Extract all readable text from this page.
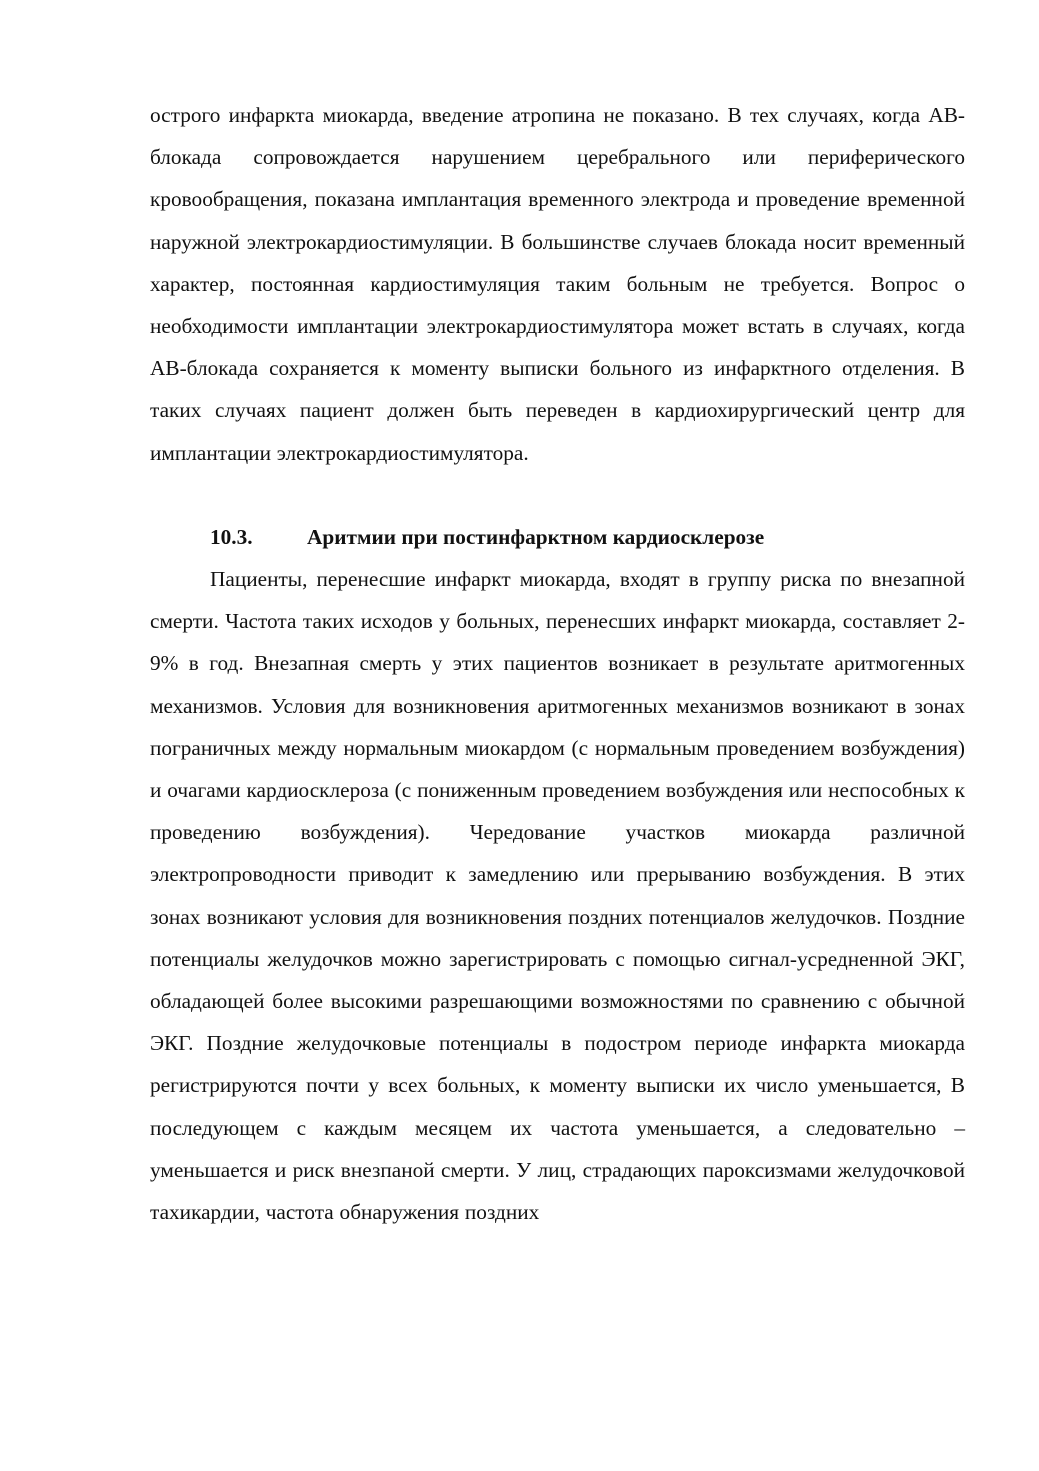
острого инфаркта миокарда, введение атропина не показано. В тех случаях, когда АВ-блокада сопровождается нарушением церебрального или периферического кровообращения, показана имплантация временного электрода и проведение временной наружной электрокардиостимуляции. В большинстве случаев блокада носит временный характер, постоянная кардиостимуляция таким больным не требуется. Вопрос о необходимости имплантации электрокардиостимулятора может встать в случаях, когда АВ-блокада сохраняется к моменту выписки больного из инфарктного отделения. В таких случаях пациент должен быть переведен в кардиохирургический центр для имплантации электрокардиостимулятора.

10.3.	Аритмии при постинфарктном кардиосклерозе

Пациенты, перенесшие инфаркт миокарда, входят в группу риска по внезапной смерти. Частота таких исходов у больных, перенесших инфаркт миокарда, составляет 2-9% в год. Внезапная смерть у этих пациентов возникает в результате аритмогенных механизмов. Условия для возникновения аритмогенных механизмов возникают в зонах пограничных между нормальным миокардом (с нормальным проведением возбуждения) и очагами кардиосклероза (с пониженным проведением возбуждения или неспособных к проведению возбуждения). Чередование участков миокарда различной электропроводности приводит к замедлению или прерыванию возбуждения. В этих зонах возникают условия для возникновения поздних потенциалов желудочков. Поздние потенциалы желудочков можно зарегистрировать с помощью сигнал-усредненной ЭКГ, обладающей более высокими разрешающими возможностями по сравнению с обычной ЭКГ. Поздние желудочковые потенциалы в подостром периоде инфаркта миокарда регистрируются почти у всех больных, к моменту выписки их число уменьшается, В последующем с каждым месяцем их частота уменьшается, а следовательно – уменьшается и риск внезпаной смерти. У лиц, страдающих пароксизмами желудочковой тахикардии, частота обнаружения поздних
